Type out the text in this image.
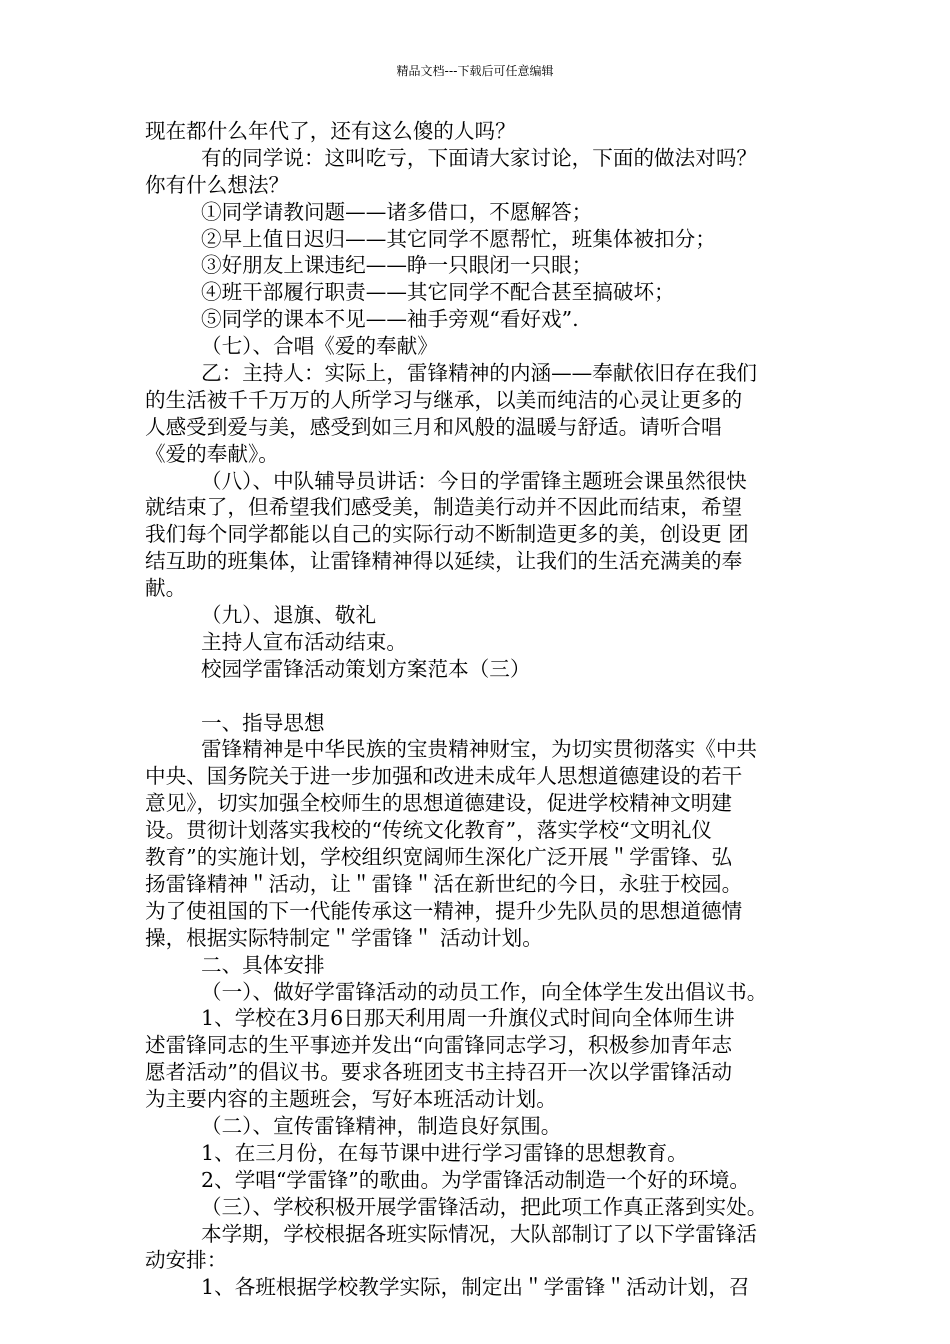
精品文档---下载后可任意编辑
现在都什么年代了，还有这么傻的人吗？
有的同学说：这叫吃亏，下面请大家讨论，下面的做法对吗？
你有什么想法？
①同学请教问题——诸多借口，不愿解答；
②早上值日迟归——其它同学不愿帮忙，班集体被扣分；
③好朋友上课违纪——睁一只眼闭一只眼；
④班干部履行职责——其它同学不配合甚至搞破坏；
⑤同学的课本不见——袖手旁观“看好戏”.
（七）、合唱《爱的奉献》
乙：主持人：实际上，雷锋精神的内涵——奉献依旧存在我们
的生活被千千万万的人所学习与继承，以美而纯洁的心灵让更多的
人感受到爱与美，感受到如三月和风般的温暖与舒适。请听合唱
《爱的奉献》。
（八）、中队辅导员讲话：今日的学雷锋主题班会课虽然很快
就结束了，但希望我们感受美，制造美行动并不因此而结束，希望
我们每个同学都能以自己的实际行动不断制造更多的美，创设更 团
结互助的班集体，让雷锋精神得以延续，让我们的生活充满美的奉
献。
（九）、退旗、敬礼
主持人宣布活动结束。
校园学雷锋活动策划方案范本（三）
一、指导思想
雷锋精神是中华民族的宝贵精神财宝，为切实贯彻落实《中共
中央、国务院关于进一步加强和改进未成年人思想道德建设的若干
意见》，切实加强全校师生的思想道德建设，促进学校精神文明建
设。贯彻计划落实我校的“传统文化教育”，落实学校“文明礼仪
教育”的实施计划，学校组织宽阔师生深化广泛开展＂学雷锋、弘
扬雷锋精神＂活动，让＂雷锋＂活在新世纪的今日，永驻于校园。
为了使祖国的下一代能传承这一精神，提升少先队员的思想道德情
操，根据实际特制定＂学雷锋＂ 活动计划。
二、具体安排
（一）、做好学雷锋活动的动员工作，向全体学生发出倡议书。
1、学校在3月6日那天利用周一升旗仪式时间向全体师生讲
述雷锋同志的生平事迹并发出“向雷锋同志学习，积极参加青年志
愿者活动”的倡议书。要求各班团支书主持召开一次以学雷锋活动
为主要内容的主题班会，写好本班活动计划。
（二）、宣传雷锋精神，制造良好氛围。
1、在三月份，在每节课中进行学习雷锋的思想教育。
2、学唱“学雷锋”的歌曲。为学雷锋活动制造一个好的环境。
（三）、学校积极开展学雷锋活动，把此项工作真正落到实处。
本学期，学校根据各班实际情况，大队部制订了以下学雷锋活
动安排：
1、各班根据学校教学实际，制定出＂学雷锋＂活动计划，召
